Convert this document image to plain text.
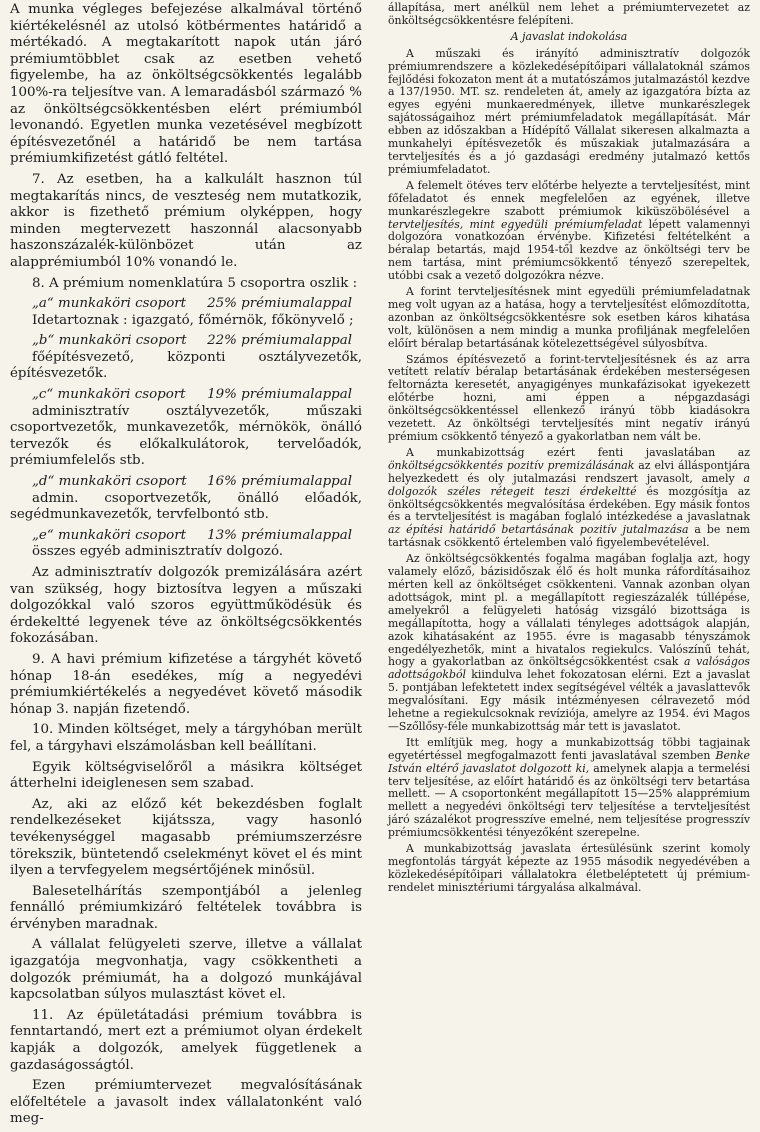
A munka végleges befejezése alkalmával történő kiértékelésnél az utolsó kötbérmentes határidő a mértékadó. A megtakarított napok után járó prémiumtöbblet csak az esetben vehető figyelembe, ha az önköltségcsökkentés legalább 100%-ra teljesítve van. A lemaradásból származó % az önköltségcsökkentésben elért prémiumból levonandó. Egyetlen munka vezetésével megbízott építésvezetőnél a határidő be nem tartása prémiumkifizetést gátló feltétel.

7. Az esetben, ha a kalkulált hasznon túl megtakarítás nincs, de veszteség nem mutatkozik, akkor is fizethető prémium olyképpen, hogy minden megtervezett haszonnál alacsonyabb haszonszázalék-különbözet után az alapprémiumból 10% vonandó le.

8. A prémium nomenklatúra 5 csoportra oszlik :

„a“ munkaköri csoport 25% prémiumalappal

Idetartoznak : igazgató, főmérnök, főkönyvelő ;

„b“ munkaköri csoport 22% prémiumalappal

főépítésvezető, központi osztályvezetők, építésvezetők.

„c“ munkaköri csoport 19% prémiumalappal

adminisztratív osztályvezetők, műszaki csoportvezetők, munkavezetők, mérnökök, önálló tervezők és előkalkulátorok, tervelőadók, prémiumfelelős stb.

„d“ munkaköri csoport 16% prémiumalappal

admin. csoportvezetők, önálló előadók, segédmunkavezetők, tervfelbontó stb.

„e“ munkaköri csoport 13% prémiumalappal

összes egyéb adminisztratív dolgozó.

Az adminisztratív dolgozók premizálására azért van szükség, hogy biztosítva legyen a műszaki dolgozókkal való szoros együttműködésük és érdekeltté legyenek téve az önköltségcsökkentés fokozásában.

9. A havi prémium kifizetése a tárgyhét követő hónap 18-án esedékes, míg a negyedévi prémiumkiértékelés a negyedévet követő második hónap 3. napján fizetendő.

10. Minden költséget, mely a tárgyhóban merült fel, a tárgyhavi elszámolásban kell beállítani.

Egyik költségviselőről a másikra költséget átterhelni ideiglenesen sem szabad.

Az, aki az előző két bekezdésben foglalt rendelkezéseket kijátssza, vagy hasonló tevékenységgel magasabb prémiumszerzésre törekszik, büntetendő cselekményt követ el és mint ilyen a tervfegyelem megsértőjének minősül.

Balesetelhárítás szempontjából a jelenleg fennálló prémiumkizáró feltételek továbbra is érvényben maradnak.

A vállalat felügyeleti szerve, illetve a vállalat igazgatója megvonhatja, vagy csökkentheti a dolgozók prémiumát, ha a dolgozó munkájával kapcsolatban súlyos mulasztást követ el.

11. Az épületátadási prémium továbbra is fenntartandó, mert ezt a prémiumot olyan érdekelt kapják a dolgozók, amelyek függetlenek a gazdaságosságtól.

Ezen prémiumtervezet megvalósításának előfeltétele a javasolt index vállalatonként való meg-

állapítása, mert anélkül nem lehet a prémiumtervezetet az önköltségcsökkentésre felépíteni.

A javaslat indokolása

A műszaki és irányító adminisztratív dolgozók prémiumrendszere a közlekedésépítőipari vállalatoknál számos fejlődési fokozaton ment át a mutatószámos jutalmazástól kezdve a 137/1950. MT. sz. rendeleten át, amely az igazgatóra bízta az egyes egyéni munkaeredmények, illetve munkarészlegek sajátosságaihoz mért prémiumfeladatok megállapítását. Már ebben az időszakban a Hídépítő Vállalat sikeresen alkalmazta a munkahelyi építésvezetők és műszakiak jutalmazására a tervteljesítés és a jó gazdasági eredmény jutalmazó kettős prémiumfeladatot.

A felemelt ötéves terv előtérbe helyezte a tervteljesítést, mint főfeladatot és ennek megfelelően az egyének, illetve munkarészlegekre szabott prémiumok kiküszöbölésével a tervteljesítés, mint egyedüli prémiumfeladat lépett valamennyi dolgozóra vonatkozóan érvénybe. Kifizetési feltételként a béralap betartás, majd 1954-től kezdve az önköltségi terv be nem tartása, mint prémiumcsökkentő tényező szerepeltek, utóbbi csak a vezető dolgozókra nézve.

A forint tervteljesítésnek mint egyedüli prémiumfeladatnak meg volt ugyan az a hatása, hogy a tervteljesítést előmozdította, azonban az önköltségcsökkentésre sok esetben káros kihatása volt, különösen a nem mindig a munka profiljának megfelelően előírt béralap betartásának kötelezettségével súlyosbítva.

Számos építésvezető a forint-tervteljesítésnek és az arra vetített relatív béralap betartásának érdekében mesterségesen feltornázta keresetét, anyagigényes munkafázisokat igyekezett előtérbe hozni, ami éppen a népgazdasági önköltségcsökkentéssel ellenkező irányú több kiadásokra vezetett. Az önköltségi tervteljesítés mint negatív irányú prémium csökkentő tényező a gyakorlatban nem vált be.

A munkabizottság ezért fenti javaslatában az önköltségcsökkentés pozitív premizálásának az elvi álláspontjára helyezkedett és oly jutalmazási rendszert javasolt, amely a dolgozók széles rétegeit teszi érdekeltté és mozgósítja az önköltségcsökkentés megvalósítása érdekében. Egy másik fontos és a tervteljesítést is magában foglaló intézkedése a javaslatnak az építési határidő betartásának pozitív jutalmazása a be nem tartásnak csökkentő értelemben való figyelembevételével.

Az önköltségcsökkentés fogalma magában foglalja azt, hogy valamely előző, bázisidőszak élő és holt munka ráfordításaihoz mérten kell az önköltséget csökkenteni. Vannak azonban olyan adottságok, mint pl. a megállapított regieszázalék túllépése, amelyekről a felügyeleti hatóság vizsgáló bizottsága is megállapította, hogy a vállalati tényleges adottságok alapján, azok kihatásaként az 1955. évre is magasabb tényszámok engedélyezhetők, mint a hivatalos regiekulcs. Valószínű tehát, hogy a gyakorlatban az önköltségcsökkentést csak a valóságos adottságokból kiindulva lehet fokozatosan elérni. Ezt a javaslat 5. pontjában lefektetett index segítségével vélték a javaslattevők megvalósítani. Egy másik intézményesen célravezető mód lehetne a regiekulcsoknak revíziója, amelyre az 1954. évi Magos—Szőllősy-féle munkabizottság már tett is javaslatot.

Itt említjük meg, hogy a munkabizottság többi tagjainak egyetértéssel megfogalmazott fenti javaslatával szemben Benke István eltérő javaslatot dolgozott ki, amelynek alapja a termelési terv teljesítése, az előírt határidő és az önköltségi terv betartása mellett. — A csoportonként megállapított 15—25% alapprémium mellett a negyedévi önköltségi terv teljesítése a tervteljesítést járó százalékot progresszíve emelné, nem teljesítése progresszív prémiumcsökkentési tényezőként szerepelne.

A munkabizottság javaslata értesülésünk szerint komoly megfontolás tárgyát képezte az 1955 második negyedévében a közlekedésépítőipari vállalatokra életbeléptetett új prémium-rendelet minisztériumi tárgyalása alkalmával.
